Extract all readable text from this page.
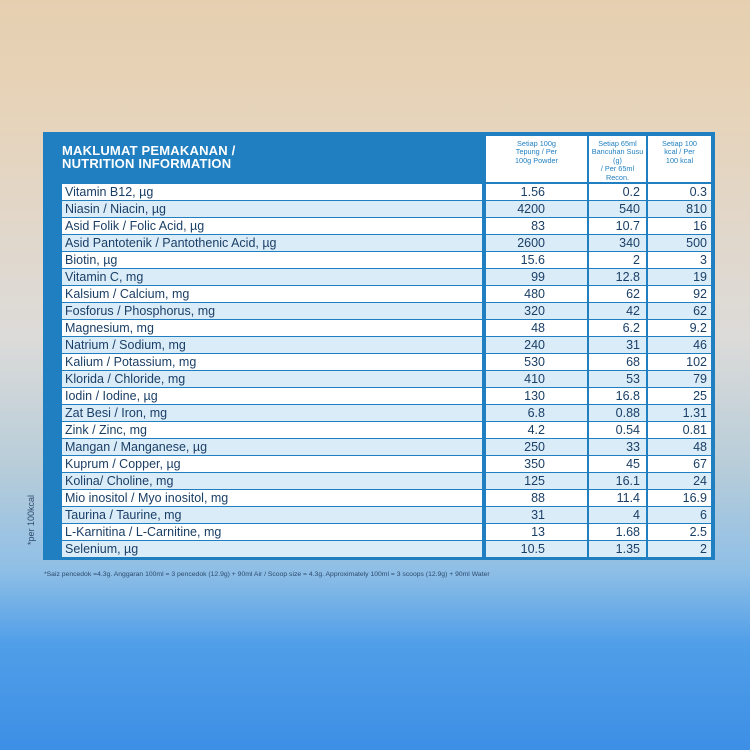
MAKLUMAT PEMAKANAN /
NUTRITION INFORMATION
Setiap 100g
Tepung / Per
100g Powder
Setiap 65ml
Bancuhan Susu (g)
/ Per 65ml Recon.

Setiap 100
kcal / Per
100 kcal
Vitamin B12, µg	1.56	0.2	0.3
Niasin / Niacin, µg	4200	540	810
Asid Folik / Folic Acid, µg	83	10.7	16
Asid Pantotenik / Pantothenic Acid, µg	2600	340	500
Biotin, µg	15.6	2	3
Vitamin C, mg	99	12.8	19
Kalsium / Calcium, mg	480	62	92
Fosforus / Phosphorus, mg	320	42	62
Magnesium, mg	48	6.2	9.2
Natrium / Sodium, mg	240	31	46
Kalium / Potassium, mg	530	68	102
Klorida / Chloride, mg	410	53	79
Iodin / Iodine, µg	130	16.8	25
Zat Besi / Iron, mg	6.8	0.88	1.31
Zink / Zinc, mg	4.2	0.54	0.81
Mangan / Manganese, µg	250	33	48
Kuprum / Copper, µg	350	45	67
Kolina/ Choline, mg	125	16.1	24
Mio inositol / Myo inositol, mg	88	11.4	16.9
Taurina / Taurine, mg	31	4	6
L-Karnitina / L-Carnitine, mg	13	1.68	2.5
Selenium, µg	10.5	1.35	2
*per 100kcal
*Saiz pencedok =4.3g. Anggaran 100ml = 3 pencedok (12.9g) + 90ml Air / Scoop size = 4.3g. Approximately 100ml = 3 scoops (12.9g) + 90ml Water
